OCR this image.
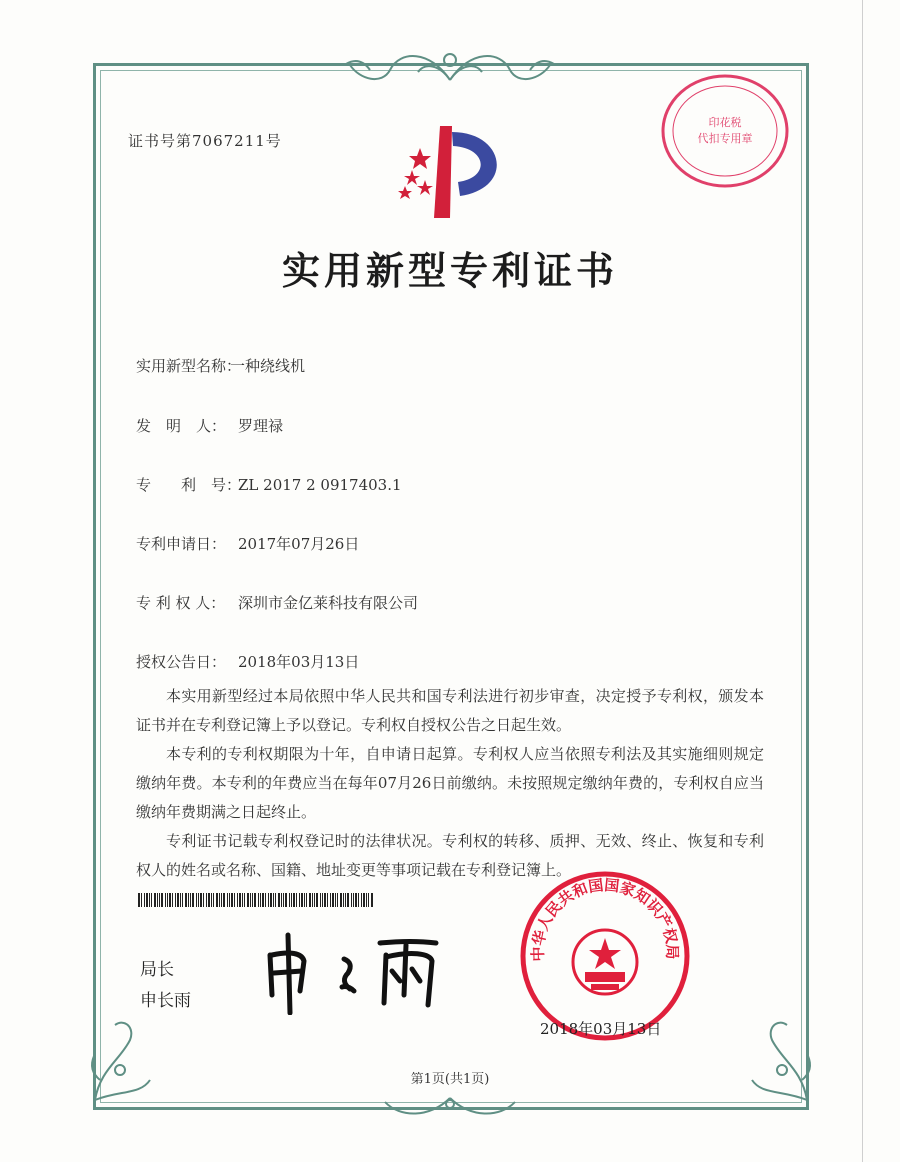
证书号第7067211号
印花税
代扣专用章
实用新型专利证书
实用新型名称：一种绕线机
发　明　人： 罗理禄
专　　利　号：ZL 2017 2 0917403.1
专利申请日： 2017年07月26日
专 利 权 人： 深圳市金亿莱科技有限公司
授权公告日： 2018年03月13日

本实用新型经过本局依照中华人民共和国专利法进行初步审查，决定授予专利权，颁发本证书并在专利登记簿上予以登记。专利权自授权公告之日起生效。

本专利的专利权期限为十年，自申请日起算。专利权人应当依照专利法及其实施细则规定缴纳年费。本专利的年费应当在每年07月26日前缴纳。未按照规定缴纳年费的，专利权自应当缴纳年费期满之日起终止。

专利证书记载专利权登记时的法律状况。专利权的转移、质押、无效、终止、恢复和专利权人的姓名或名称、国籍、地址变更等事项记载在专利登记簿上。

局长
申长雨
中华人民共和国国家知识产权局
2018年03月13日
第1页(共1页)
